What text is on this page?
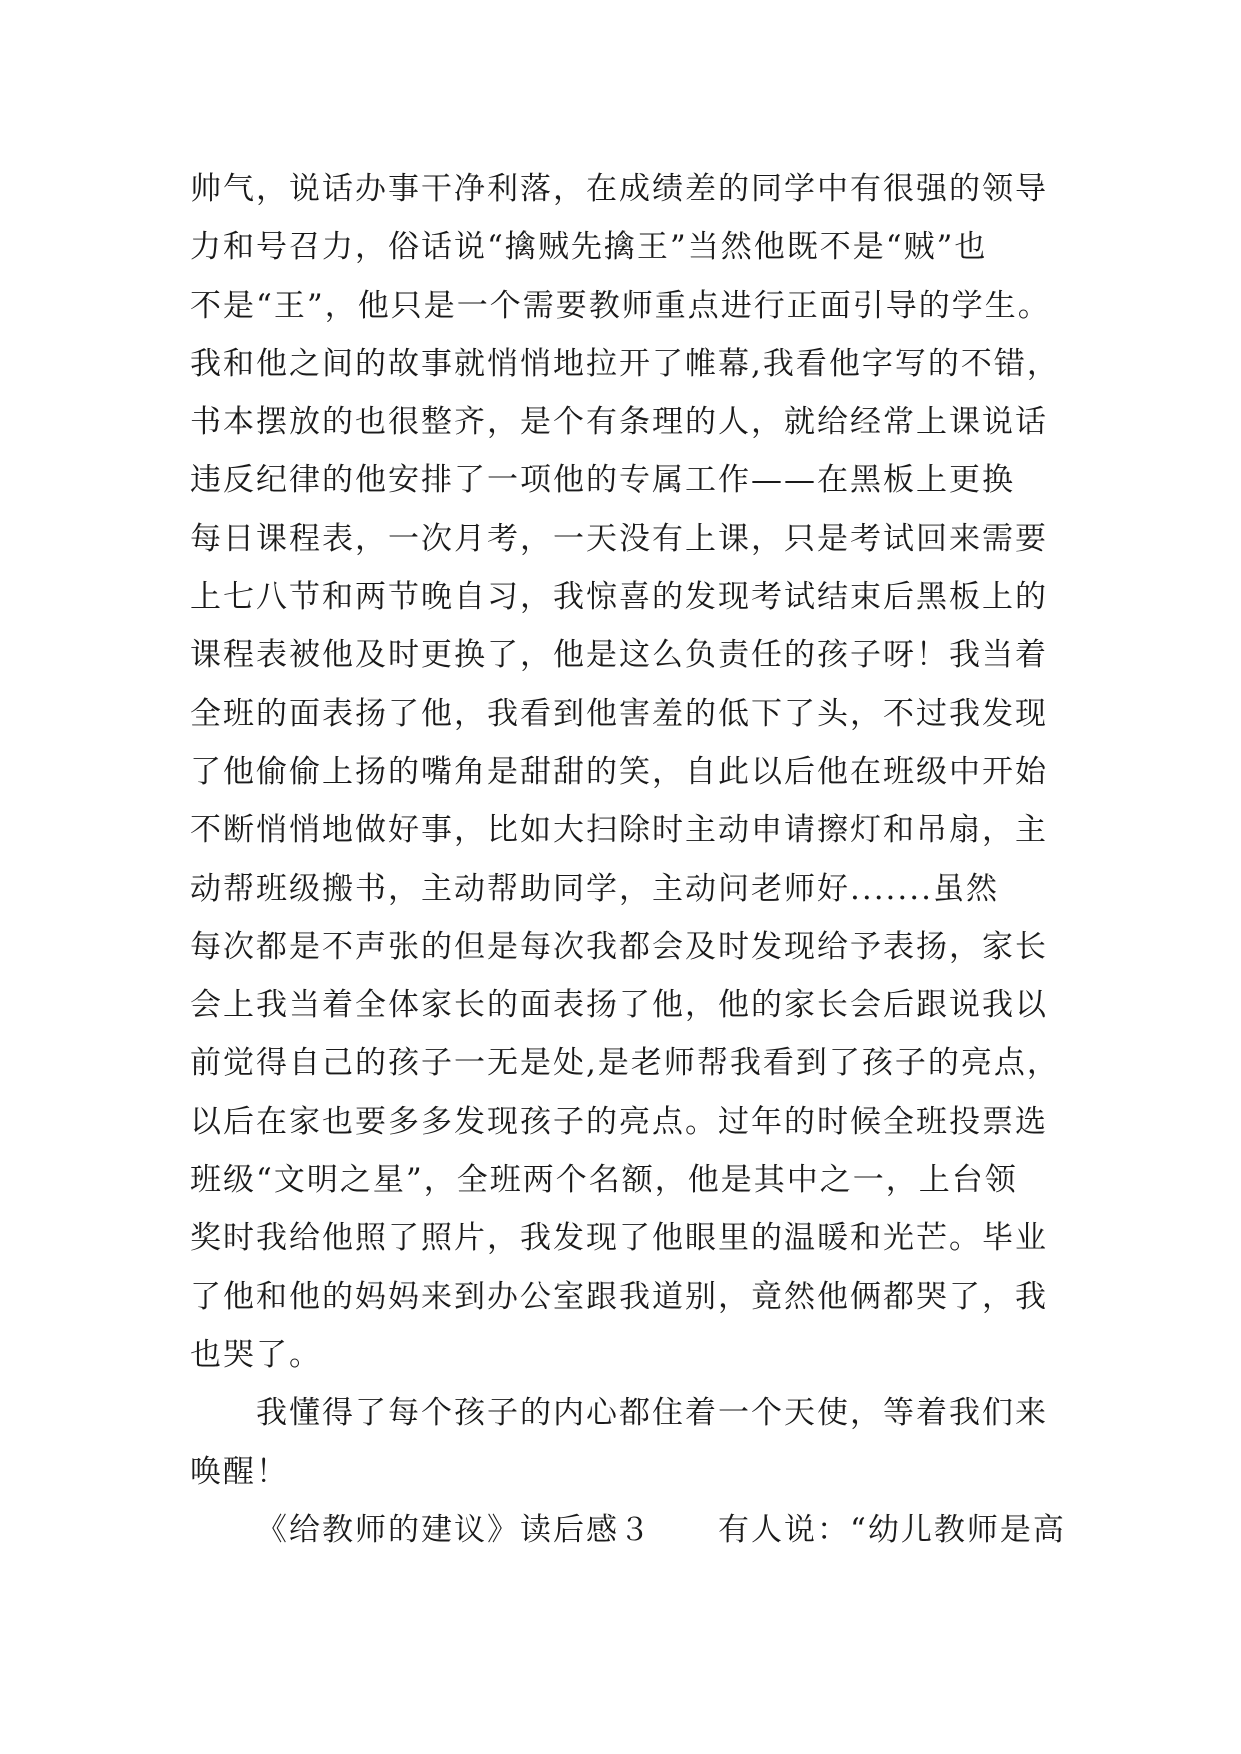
帅气，说话办事干净利落，在成绩差的同学中有很强的领导
力和号召力，俗话说“擒贼先擒王”当然他既不是“贼”也
不是“王”，他只是一个需要教师重点进行正面引导的学生。
我和他之间的故事就悄悄地拉开了帷幕,我看他字写的不错，
书本摆放的也很整齐，是个有条理的人，就给经常上课说话
违反纪律的他安排了一项他的专属工作——在黑板上更换
每日课程表，一次月考，一天没有上课，只是考试回来需要
上七八节和两节晚自习，我惊喜的发现考试结束后黑板上的
课程表被他及时更换了，他是这么负责任的孩子呀！我当着
全班的面表扬了他，我看到他害羞的低下了头，不过我发现
了他偷偷上扬的嘴角是甜甜的笑，自此以后他在班级中开始
不断悄悄地做好事，比如大扫除时主动申请擦灯和吊扇，主
动帮班级搬书，主动帮助同学，主动问老师好.......虽然
每次都是不声张的但是每次我都会及时发现给予表扬，家长
会上我当着全体家长的面表扬了他，他的家长会后跟说我以
前觉得自己的孩子一无是处,是老师帮我看到了孩子的亮点，
以后在家也要多多发现孩子的亮点。过年的时候全班投票选
班级“文明之星”，全班两个名额，他是其中之一，上台领
奖时我给他照了照片，我发现了他眼里的温暖和光芒。毕业
了他和他的妈妈来到办公室跟我道别，竟然他俩都哭了，我
也哭了。
我懂得了每个孩子的内心都住着一个天使，等着我们来
唤醒！
《给教师的建议》读后感３　　有人说：“幼儿教师是高
